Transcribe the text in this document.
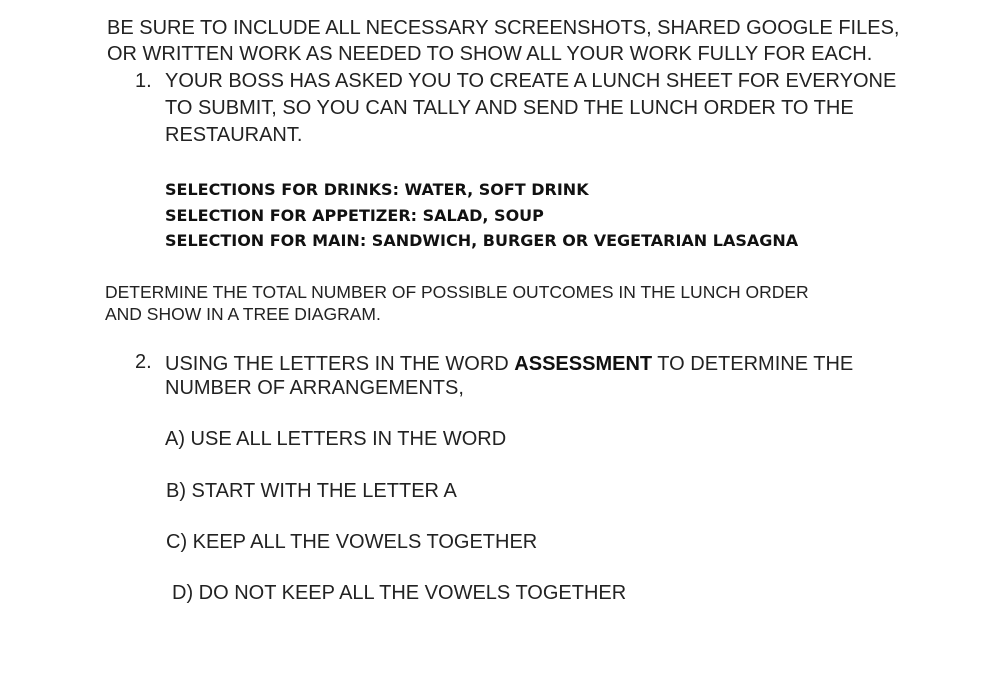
BE SURE TO INCLUDE ALL NECESSARY SCREENSHOTS, SHARED GOOGLE FILES,
OR WRITTEN WORK AS NEEDED TO SHOW ALL YOUR WORK FULLY FOR EACH.
1. YOUR BOSS HAS ASKED YOU TO CREATE A LUNCH SHEET FOR EVERYONE
TO SUBMIT, SO YOU CAN TALLY AND SEND THE LUNCH ORDER TO THE
RESTAURANT.
SELECTIONS FOR DRINKS: WATER, SOFT DRINK
SELECTION FOR APPETIZER: SALAD, SOUP
SELECTION FOR MAIN: SANDWICH, BURGER OR VEGETARIAN LASAGNA
DETERMINE THE TOTAL NUMBER OF POSSIBLE OUTCOMES IN THE LUNCH ORDER
AND SHOW IN A TREE DIAGRAM.
2. USING THE LETTERS IN THE WORD ASSESSMENT TO DETERMINE THE
NUMBER OF ARRANGEMENTS,
A) USE ALL LETTERS IN THE WORD
B) START WITH THE LETTER A
C) KEEP ALL THE VOWELS TOGETHER
D) DO NOT KEEP ALL THE VOWELS TOGETHER
